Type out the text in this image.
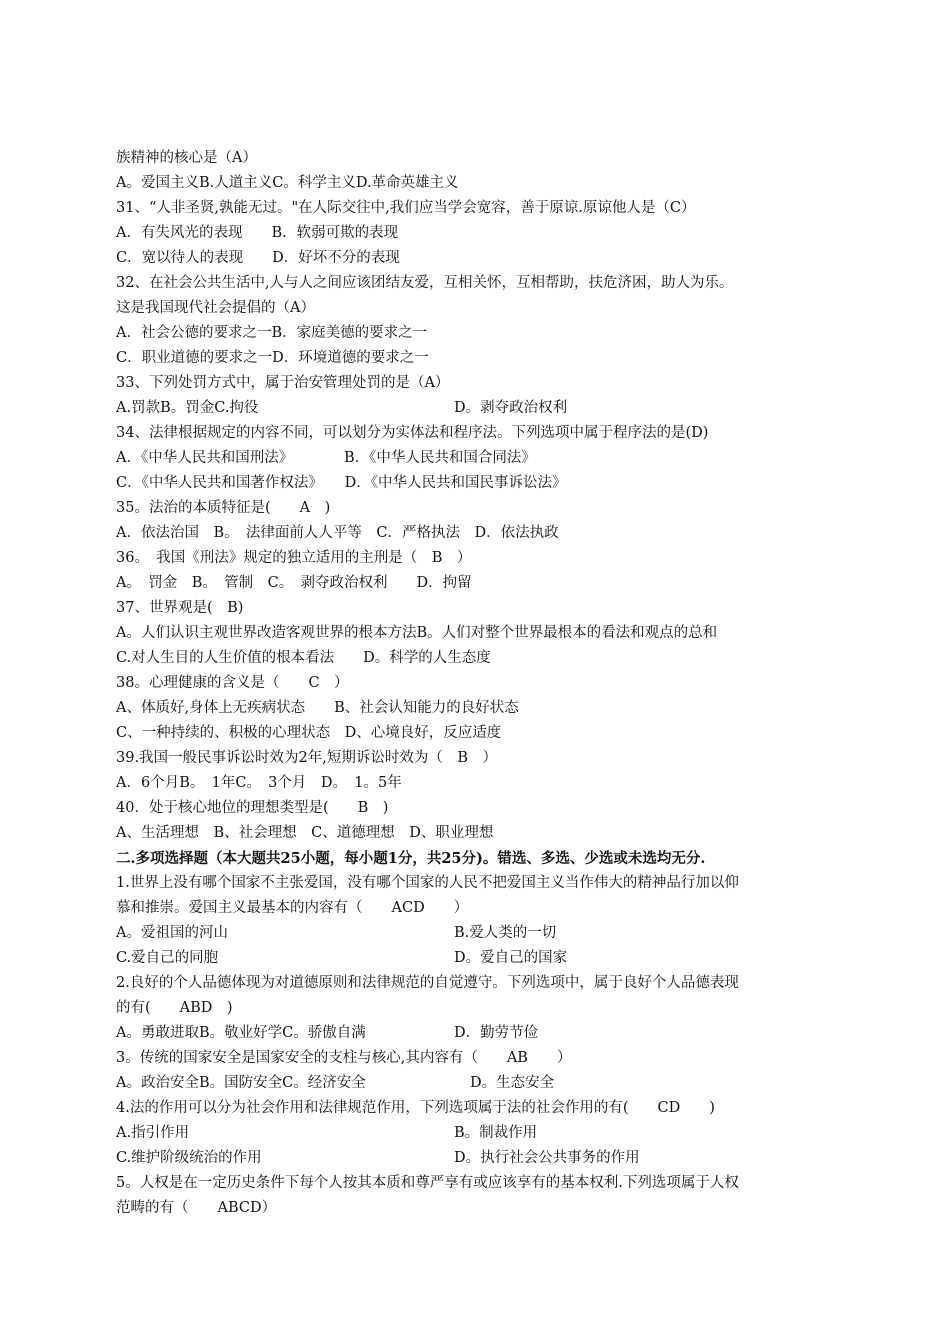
族精神的核心是（A）
A。爱国主义B.人道主义C。科学主义D.革命英雄主义
31、“人非圣贤,孰能无过。"在人际交往中,我们应当学会宽容，善于原谅.原谅他人是（C）
A．有失风光的表现　　B．软弱可欺的表现
C．宽以待人的表现　　D．好坏不分的表现
32、在社会公共生活中,人与人之间应该团结友爱，互相关怀，互相帮助，扶危济困，助人为乐。
这是我国现代社会提倡的（A）
A．社会公德的要求之一B．家庭美德的要求之一
C．职业道德的要求之一D．环境道德的要求之一
33、下列处罚方式中，属于治安管理处罚的是（A）
A.罚款B。罚金C.拘役	D。剥夺政治权利
34、法律根据规定的内容不同，可以划分为实体法和程序法。下列选项中属于程序法的是(D)
A．《中华人民共和国刑法》　　　　B．《中华人民共和国合同法》
C．《中华人民共和国著作权法》　　D．《中华人民共和国民事诉讼法》
35。法治的本质特征是(　　A　)
A．依法治国　B。　法律面前人人平等　C．严格执法　D．依法执政
36。　我国《刑法》规定的独立适用的主刑是（　B　）
A。　罚金　B。　管制　C。　剥夺政治权利　　D．拘留
37、世界观是(　B)
A。人们认识主观世界改造客观世界的根本方法B。人们对整个世界最根本的看法和观点的总和
C.对人生目的人生价值的根本看法　　D。科学的人生态度
38。心理健康的含义是（　　C　）
A、体质好,身体上无疾病状态　　B、社会认知能力的良好状态
C、一种持续的、积极的心理状态　D、心境良好，反应适度
39.我国一般民事诉讼时效为2年,短期诉讼时效为（　B　）
A．6个月B。　1年C。　3个月　D。　1。5年
40．处于核心地位的理想类型是(　　B　)
A、生活理想　B、社会理想　C、道德理想　D、职业理想
二.多项选择题（本大题共25小题，每小题1分，共25分)。错选、多选、少选或未选均无分.
1.世界上没有哪个国家不主张爱国，没有哪个国家的人民不把爱国主义当作伟大的精神品行加以仰
慕和推崇。爱国主义最基本的内容有（　　ACD　　）
A。爱祖国的河山	B.爱人类的一切
C.爱自己的同胞	D。爱自己的国家
2.良好的个人品德体现为对道德原则和法律规范的自觉遵守。下列选项中，属于良好个人品德表现
的有(　　ABD　)
A。勇敢进取B。敬业好学C。骄傲自满	D．勤劳节俭
3。传统的国家安全是国家安全的支柱与核心,其内容有（　　AB　　）
A。政治安全B。国防安全C。经济安全	D。生态安全
4.法的作用可以分为社会作用和法律规范作用，下列选项属于法的社会作用的有(　　CD　　)
A.指引作用	B。制裁作用
C.维护阶级统治的作用	D。执行社会公共事务的作用
5。人权是在一定历史条件下每个人按其本质和尊严享有或应该享有的基本权利.下列选项属于人权
范畴的有（　　ABCD）
